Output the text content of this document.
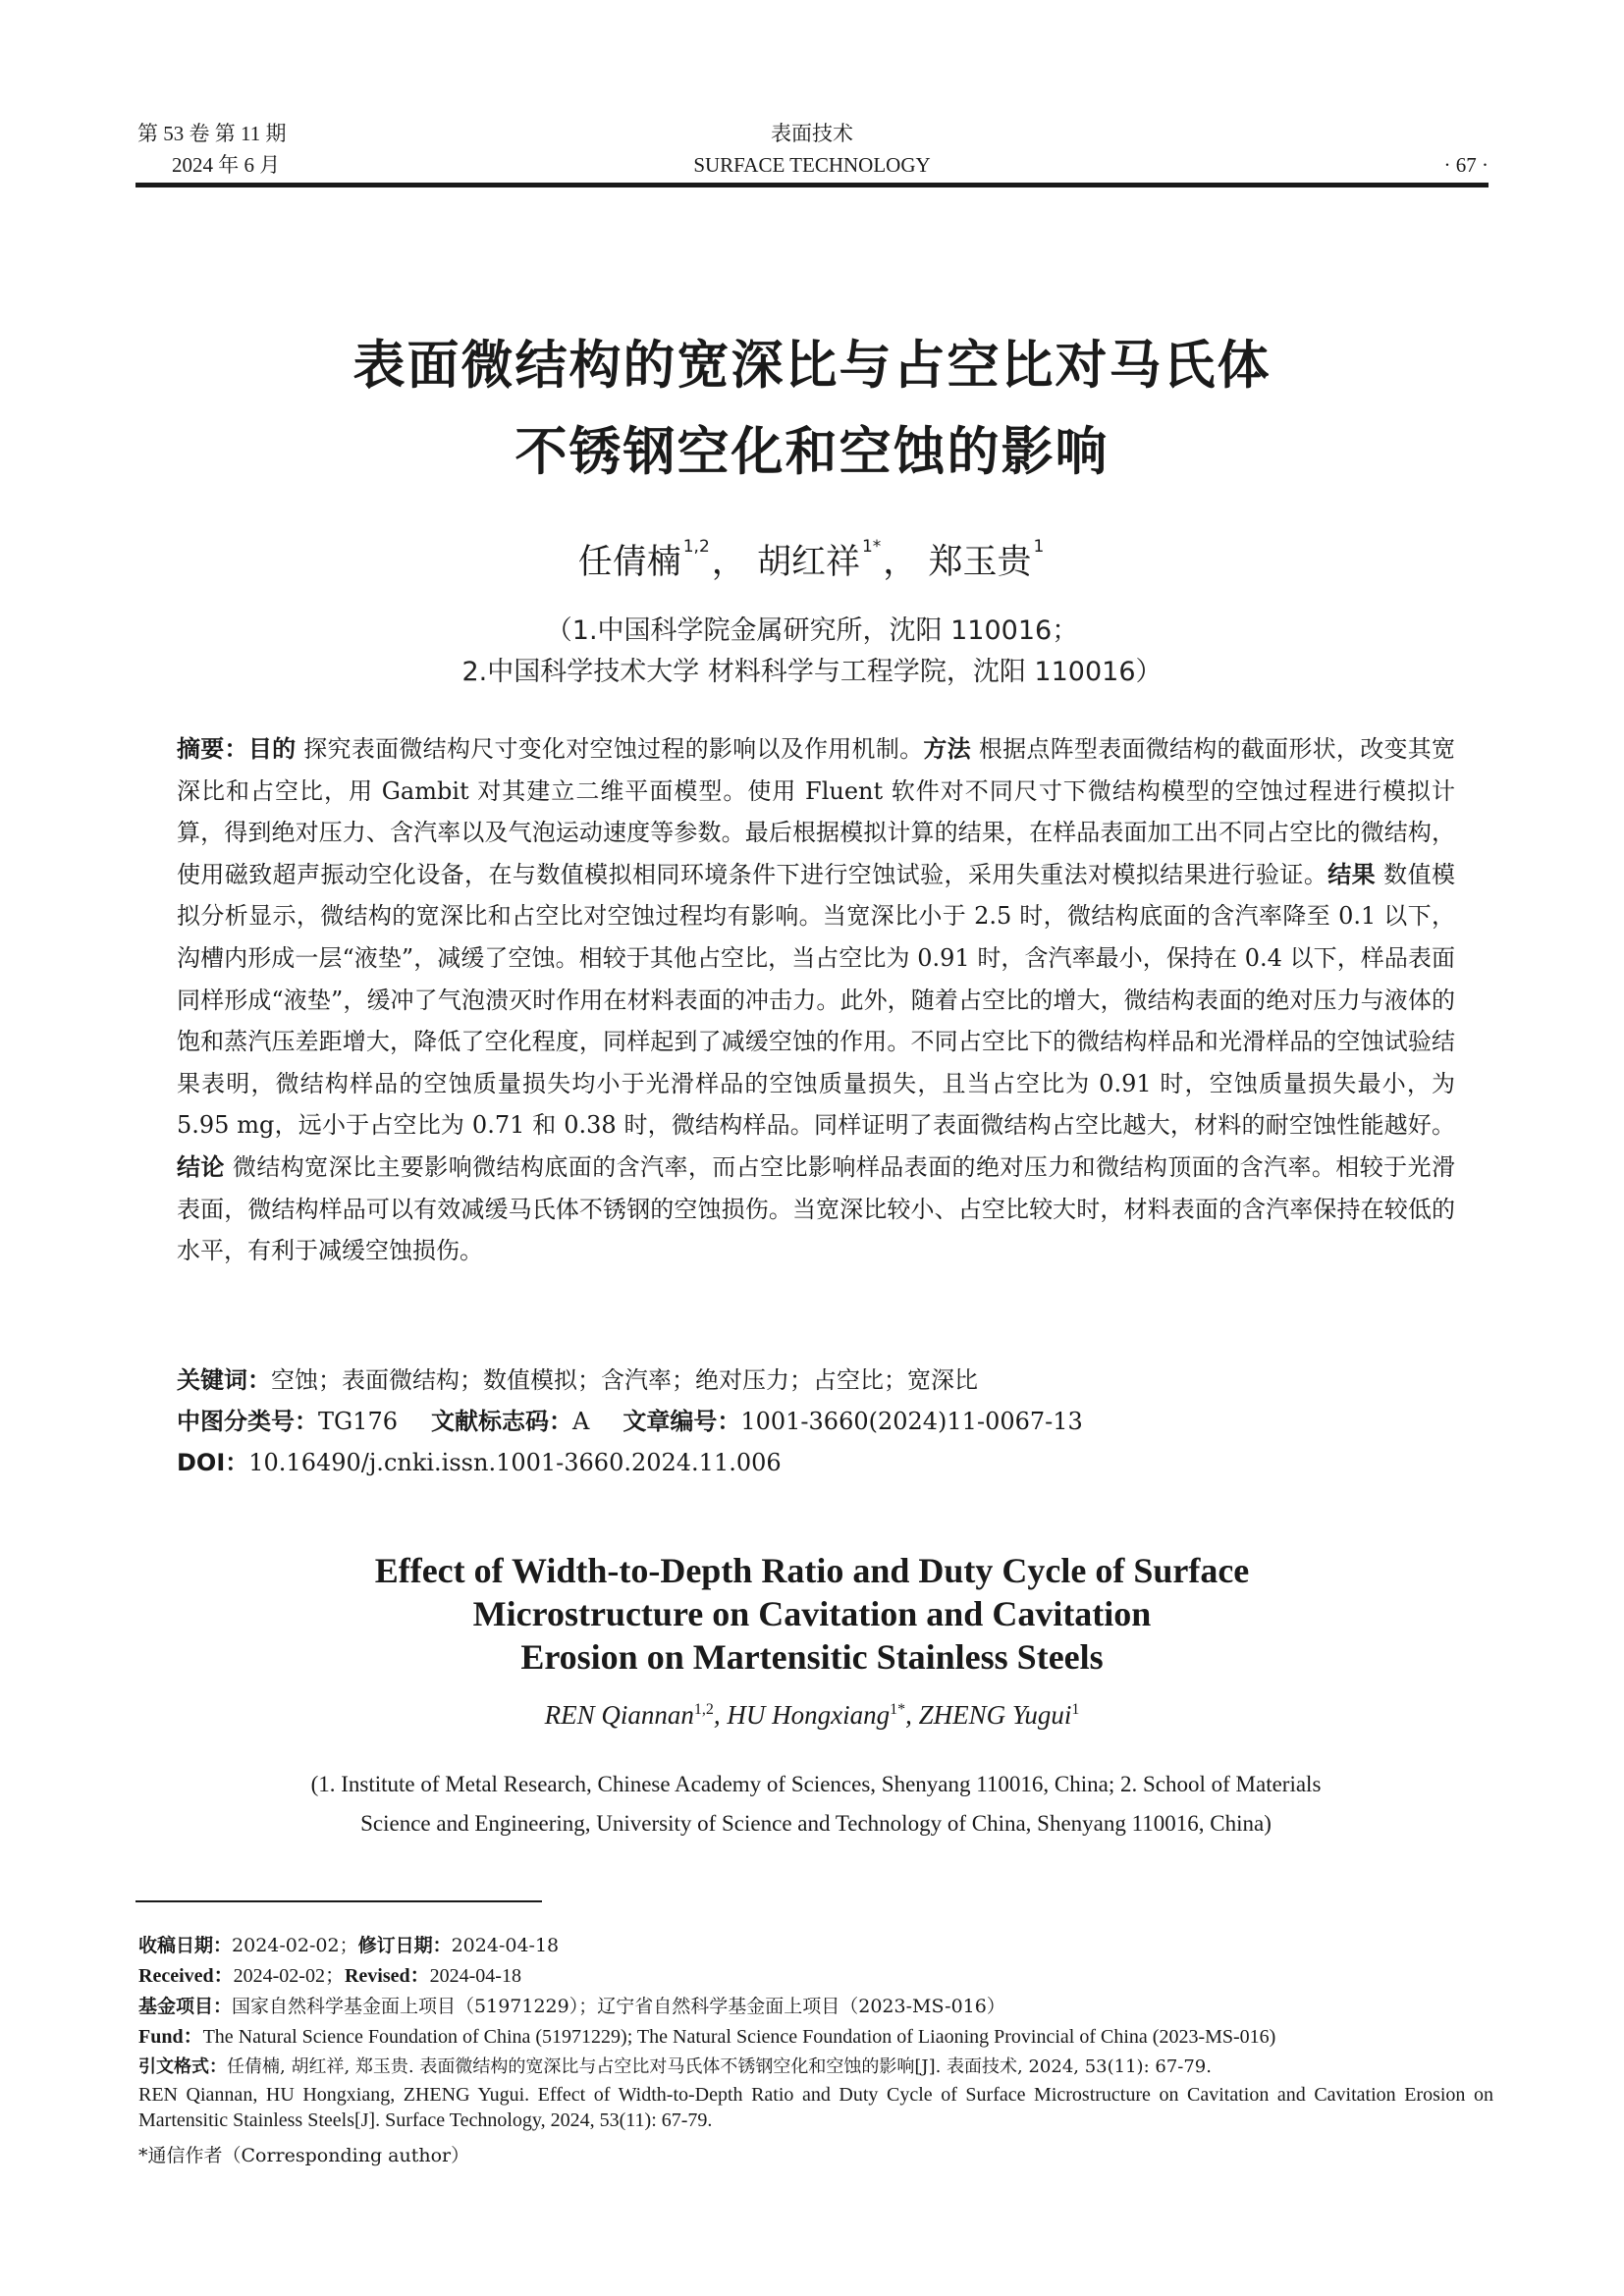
第 53 卷 第 11 期
2024 年 6 月
表面技术
SURFACE TECHNOLOGY	· 67 ·
表面微结构的宽深比与占空比对马氏体
不锈钢空化和空蚀的影响
任倩楠 $^{1,2}$， 胡红祥 $^{1*}$， 郑玉贵 $^1$
（1.中国科学院金属研究所，沈阳 110016；
2.中国科学技术大学 材料科学与工程学院，沈阳 110016）
摘要：目的 探究表面微结构尺寸变化对空蚀过程的影响以及作用机制。方法 根据点阵型表面微结构的截面形状，改变其宽深比和占空比，用 Gambit 对其建立二维平面模型。使用 Fluent 软件对不同尺寸下微结构模型的空蚀过程进行模拟计算，得到绝对压力、含汽率以及气泡运动速度等参数。最后根据模拟计算的结果，在样品表面加工出不同占空比的微结构，使用磁致超声振动空化设备，在与数值模拟相同环境条件下进行空蚀试验，采用失重法对模拟结果进行验证。结果 数值模拟分析显示，微结构的宽深比和占空比对空蚀过程均有影响。当宽深比小于 2.5 时，微结构底面的含汽率降至 0.1 以下，沟槽内形成一层“液垫”，减缓了空蚀。相较于其他占空比，当占空比为 0.91 时，含汽率最小，保持在 0.4 以下，样品表面同样形成“液垫”，缓冲了气泡溃灭时作用在材料表面的冲击力。此外，随着占空比的增大，微结构表面的绝对压力与液体的饱和蒸汽压差距增大，降低了空化程度，同样起到了减缓空蚀的作用。不同占空比下的微结构样品和光滑样品的空蚀试验结果表明，微结构样品的空蚀质量损失均小于光滑样品的空蚀质量损失，且当占空比为 0.91 时，空蚀质量损失最小，为 5.95 mg，远小于占空比为 0.71 和 0.38 时，微结构样品。同样证明了表面微结构占空比越大，材料的耐空蚀性能越好。结论 微结构宽深比主要影响微结构底面的含汽率，而占空比影响样品表面的绝对压力和微结构顶面的含汽率。相较于光滑表面，微结构样品可以有效减缓马氏体不锈钢的空蚀损伤。当宽深比较小、占空比较大时，材料表面的含汽率保持在较低的水平，有利于减缓空蚀损伤。
关键词：空蚀；表面微结构；数值模拟；含汽率；绝对压力；占空比；宽深比
中图分类号：TG176 文献标志码：A 文章编号：1001-3660(2024)11-0067-13
DOI：10.16490/j.cnki.issn.1001-3660.2024.11.006
Effect of Width-to-Depth Ratio and Duty Cycle of Surface
Microstructure on Cavitation and Cavitation
Erosion on Martensitic Stainless Steels
REN Qiannan$^{1,2}$, HU Hongxiang$^{1*}$, ZHENG Yugui$^1$
(1. Institute of Metal Research, Chinese Academy of Sciences, Shenyang 110016, China; 2. School of Materials
Science and Engineering, University of Science and Technology of China, Shenyang 110016, China)
收稿日期：2024-02-02；修订日期：2024-04-18
Received：2024-02-02；Revised：2024-04-18
基金项目：国家自然科学基金面上项目（51971229）；辽宁省自然科学基金面上项目（2023-MS-016）
Fund：The Natural Science Foundation of China (51971229); The Natural Science Foundation of Liaoning Provincial of China (2023-MS-016)
引文格式：任倩楠, 胡红祥, 郑玉贵. 表面微结构的宽深比与占空比对马氏体不锈钢空化和空蚀的影响[J]. 表面技术, 2024, 53(11): 67-79.
REN Qiannan, HU Hongxiang, ZHENG Yugui. Effect of Width-to-Depth Ratio and Duty Cycle of Surface Microstructure on Cavitation and Cavitation Erosion on Martensitic Stainless Steels[J]. Surface Technology, 2024, 53(11): 67-79.
*通信作者（Corresponding author）
